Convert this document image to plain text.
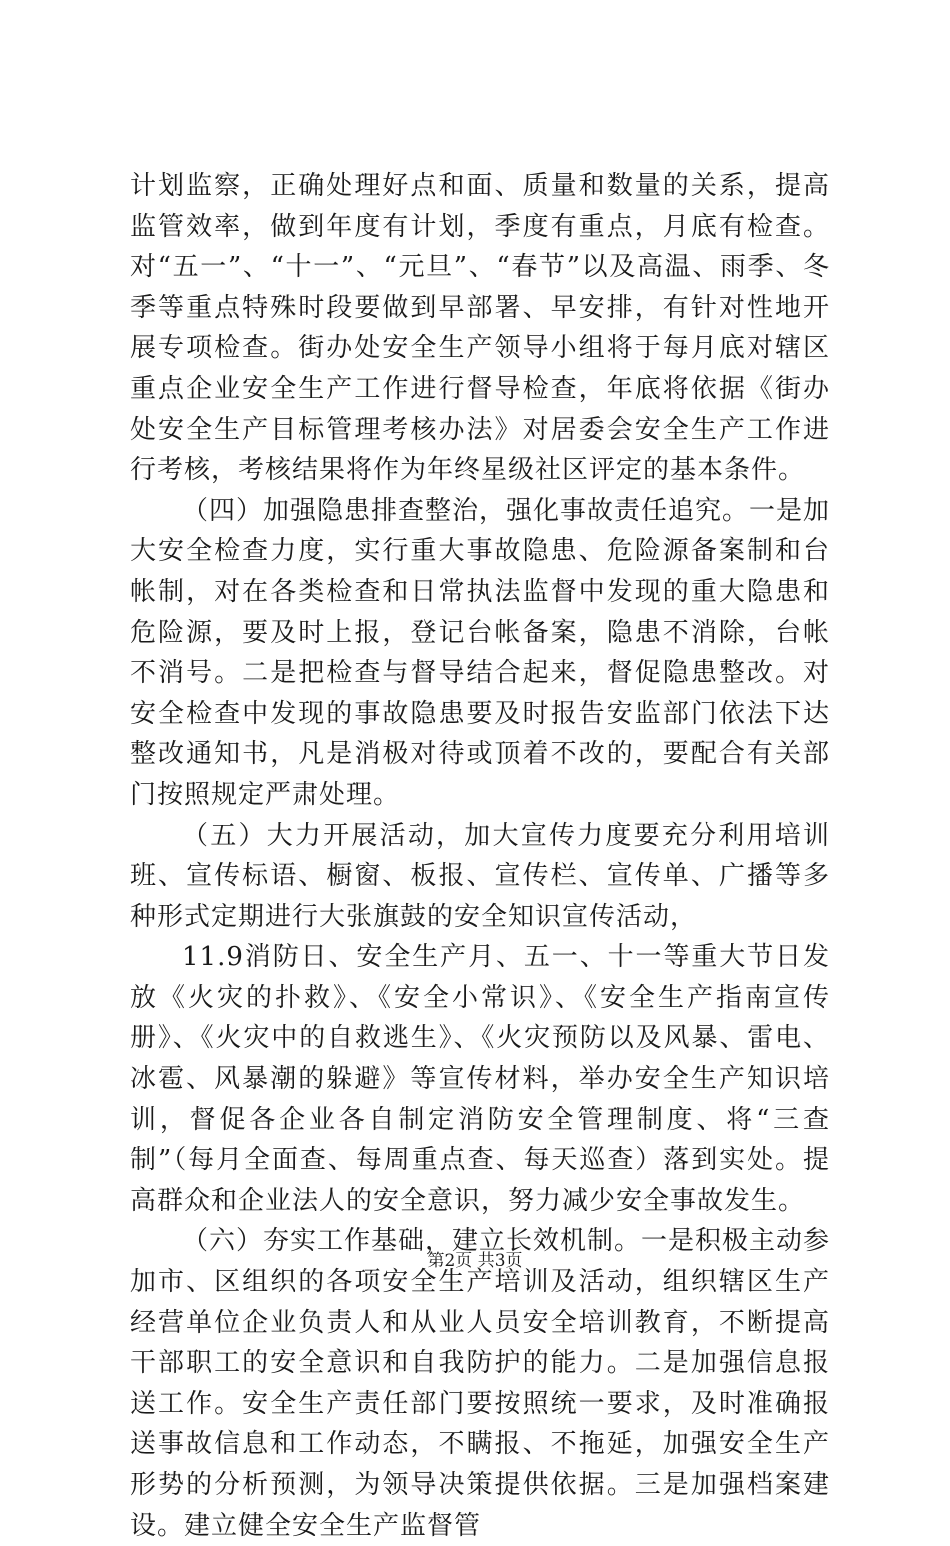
计划监察，正确处理好点和面、质量和数量的关系，提高监管效率，做到年度有计划，季度有重点，月底有检查。对“五一”、“十一”、“元旦”、“春节”以及高温、雨季、冬季等重点特殊时段要做到早部署、早安排，有针对性地开展专项检查。街办处安全生产领导小组将于每月底对辖区重点企业安全生产工作进行督导检查，年底将依据《街办处安全生产目标管理考核办法》对居委会安全生产工作进行考核，考核结果将作为年终星级社区评定的基本条件。

（四）加强隐患排查整治，强化事故责任追究。一是加大安全检查力度，实行重大事故隐患、危险源备案制和台帐制，对在各类检查和日常执法监督中发现的重大隐患和危险源，要及时上报，登记台帐备案，隐患不消除，台帐不消号。二是把检查与督导结合起来，督促隐患整改。对安全检查中发现的事故隐患要及时报告安监部门依法下达整改通知书，凡是消极对待或顶着不改的，要配合有关部门按照规定严肃处理。

（五）大力开展活动，加大宣传力度要充分利用培训班、宣传标语、橱窗、板报、宣传栏、宣传单、广播等多种形式定期进行大张旗鼓的安全知识宣传活动，

11.9消防日、安全生产月、五一、十一等重大节日发放《火灾的扑救》、《安全小常识》、《安全生产指南宣传册》、《火灾中的自救逃生》、《火灾预防以及风暴、雷电、冰雹、风暴潮的躲避》等宣传材料，举办安全生产知识培训，督促各企业各自制定消防安全管理制度、将“三查制”（每月全面查、每周重点查、每天巡查）落到实处。提高群众和企业法人的安全意识，努力减少安全事故发生。

（六）夯实工作基础，建立长效机制。一是积极主动参加市、区组织的各项安全生产培训及活动，组织辖区生产经营单位企业负责人和从业人员安全培训教育，不断提高干部职工的安全意识和自我防护的能力。二是加强信息报送工作。安全生产责任部门要按照统一要求，及时准确报送事故信息和工作动态，不瞒报、不拖延，加强安全生产形势的分析预测，为领导决策提供依据。三是加强档案建设。建立健全安全生产监督管

第2页 共3页
